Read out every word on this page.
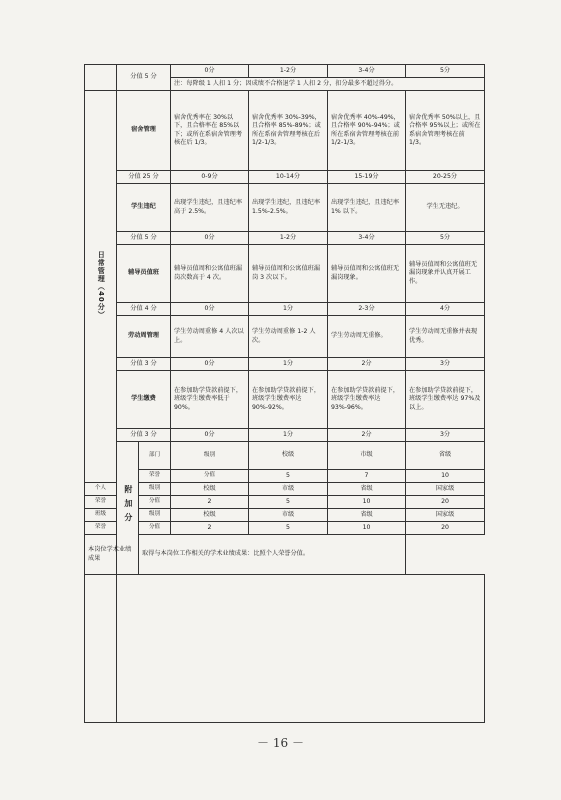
	分值 5 分		0分	1-2分	3-4分	5分	
			注：每降级 1 人扣 1 分；因成绩不合格退学 1 人扣 2 分，扣分最多不超过得分。				
日常管理（40分）	宿舍管理		宿舍优秀率在 30%以下，且合格率在 85%以下；或所在系宿舍管理考核在后 1/3。	宿舍优秀率 30%-39%，且合格率 85%-89%；或所在系宿舍管理考核在后 1/2-1/3。	宿舍优秀率 40%-49%，且合格率 90%-94%；或所在系宿舍管理考核在前 1/2-1/3。	宿舍优秀率 50%以上，且合格率 95%以上；或所在系宿舍管理考核在前 1/3。	
	分值 25 分		0-9分	10-14分	15-19分	20-25分	
	学生违纪		出现学生违纪，且违纪率高于 2.5%。	出现学生违纪，且违纪率 1.5%-2.5%。	出现学生违纪，且违纪率 1% 以下。	学生无违纪。	
	分值 5 分		0分	1-2分	3-4分	5分	
	辅导员值班		辅导员值周和公寓值班漏岗次数高于 4 次。	辅导员值周和公寓值班漏岗 3 次以下。	辅导员值周和公寓值班无漏岗现象。	辅导员值周和公寓值班无漏岗现象并认真开展工作。	
	分值 4 分		0分	1分	2-3分	4分	
	劳动周管理		学生劳动周重修 4 人次以上。	学生劳动周重修 1-2 人次。	学生劳动周无重修。	学生劳动周无重修并表现优秀。	
	分值 3 分		0分	1分	2分	3分	
	学生缴费		在参加助学贷款前提下，班级学生缴费率低于 90%。	在参加助学贷款前提下，班级学生缴费率达 90%-92%。	在参加助学贷款前提下，班级学生缴费率达 93%-96%。	在参加助学贷款前提下，班级学生缴费率达 97%及以上。	
	分值 3 分		0分	1分	2分	3分	
	附加分	部门	级别	校级	市级	省级	
		荣誉	分值	5	7	10	
个人		级别	校级	市级	省级	国家级	
荣誉		分值	2	5	10	20	
班级		级别	校级	市级	省级	国家级	
荣誉		分值	2	5	10	20	
本岗位学术业绩成果		取得与本岗位工作相关的学术业绩成果：比照个人荣誉分值。					

－ 16 －
